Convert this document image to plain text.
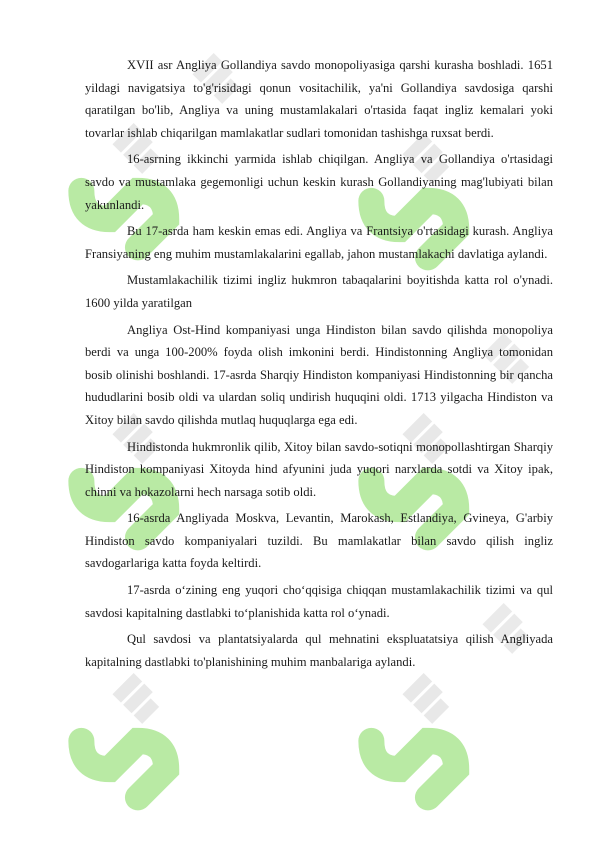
XVII asr Angliya Gollandiya savdo monopoliyasiga qarshi kurasha boshladi. 1651 yildagi navigatsiya to'g'risidagi qonun vositachilik, ya'ni Gollandiya savdosiga qarshi qaratilgan bo'lib, Angliya va uning mustamlakalari o'rtasida faqat ingliz kemalari yoki tovarlar ishlab chiqarilgan mamlakatlar sudlari tomonidan tashishga ruxsat berdi.

16-asrning ikkinchi yarmida ishlab chiqilgan. Angliya va Gollandiya o'rtasidagi savdo va mustamlaka gegemonligi uchun keskin kurash Gollandiyaning mag'lubiyati bilan yakunlandi.

Bu 17-asrda ham keskin emas edi. Angliya va Frantsiya o'rtasidagi kurash. Angliya Fransiyaning eng muhim mustamlakalarini egallab, jahon mustamlakachi davlatiga aylandi.

Mustamlakachilik tizimi ingliz hukmron tabaqalarini boyitishda katta rol o'ynadi. 1600 yilda yaratilgan

Angliya Ost-Hind kompaniyasi unga Hindiston bilan savdo qilishda monopoliya berdi va unga 100-200% foyda olish imkonini berdi. Hindistonning Angliya tomonidan bosib olinishi boshlandi. 17-asrda Sharqiy Hindiston kompaniyasi Hindistonning bir qancha hududlarini bosib oldi va ulardan soliq undirish huquqini oldi. 1713 yilgacha Hindiston va Xitoy bilan savdo qilishda mutlaq huquqlarga ega edi.

Hindistonda hukmronlik qilib, Xitoy bilan savdo-sotiqni monopollashtirgan Sharqiy Hindiston kompaniyasi Xitoyda hind afyunini juda yuqori narxlarda sotdi va Xitoy ipak, chinni va hokazolarni hech narsaga sotib oldi.

16-asrda Angliyada Moskva, Levantin, Marokash, Estlandiya, Gvineya, G'arbiy Hindiston savdo kompaniyalari tuzildi. Bu mamlakatlar bilan savdo qilish ingliz savdogarlariga katta foyda keltirdi.

17-asrda oʻzining eng yuqori choʻqqisiga chiqqan mustamlakachilik tizimi va qul savdosi kapitalning dastlabki toʻplanishida katta rol oʻynadi.

Qul savdosi va plantatsiyalarda qul mehnatini ekspluatatsiya qilish Angliyada kapitalning dastlabki to'planishining muhim manbalariga aylandi.
